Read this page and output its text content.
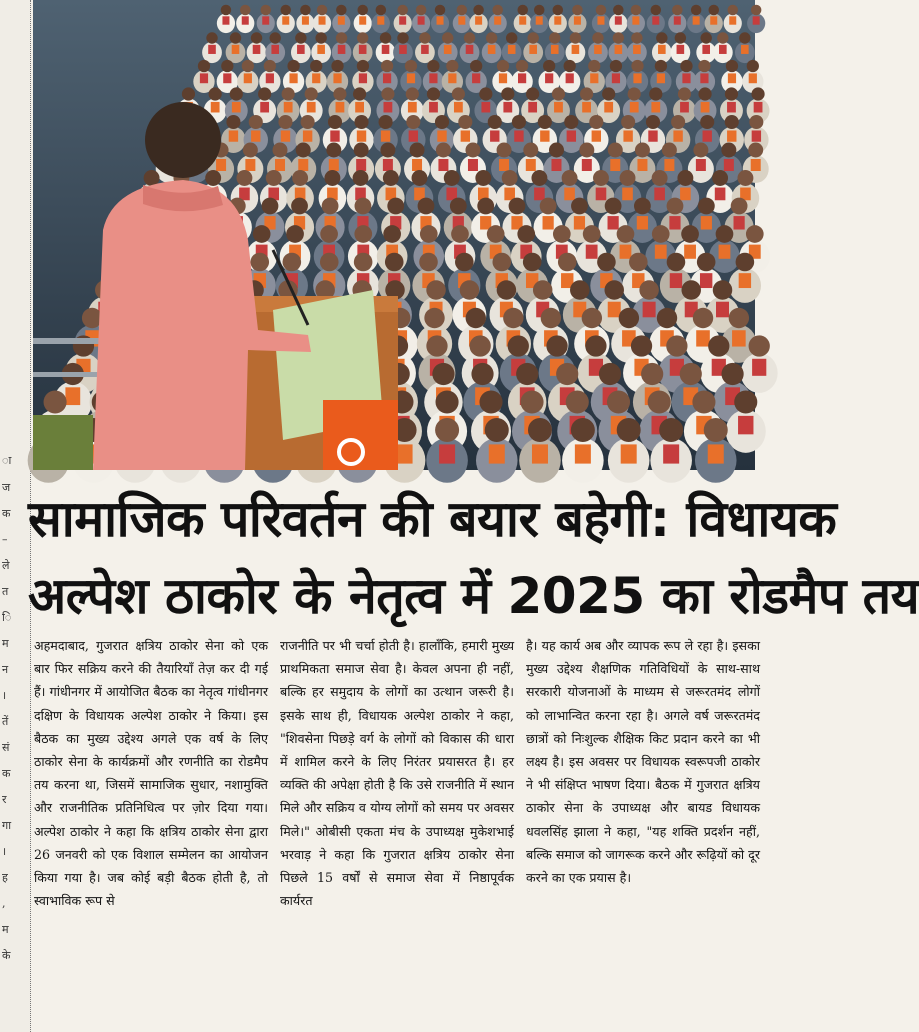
ा
ज
क
–
ले
त
ि
म
न
।
तें
सं
क
र
गा
।
ह
,
म
के
सामाजिक परिवर्तन की बयार बहेगी: विधायक
अल्पेश ठाकोर के नेतृत्व में 2025 का रोडमैप तय

अहमदाबाद, गुजरात क्षत्रिय ठाकोर सेना को एक बार फिर सक्रिय करने की तैयारियाँ तेज़ कर दी गई हैं। गांधीनगर में आयोजित बैठक का नेतृत्व गांधीनगर दक्षिण के विधायक अल्पेश ठाकोर ने किया। इस बैठक का मुख्य उद्देश्य अगले एक वर्ष के लिए ठाकोर सेना के कार्यक्रमों और रणनीति का रोडमैप तय करना था, जिसमें सामाजिक सुधार, नशामुक्ति और राजनीतिक प्रतिनिधित्व पर ज़ोर दिया गया। अल्पेश ठाकोर ने कहा कि क्षत्रिय ठाकोर सेना द्वारा 26 जनवरी को एक विशाल सम्मेलन का आयोजन किया गया है। जब कोई बड़ी बैठक होती है, तो स्वाभाविक रूप से

राजनीति पर भी चर्चा होती है। हालाँकि, हमारी मुख्य प्राथमिकता समाज सेवा है। केवल अपना ही नहीं, बल्कि हर समुदाय के लोगों का उत्थान जरूरी है। इसके साथ ही, विधायक अल्पेश ठाकोर ने कहा, "शिवसेना पिछड़े वर्ग के लोगों को विकास की धारा में शामिल करने के लिए निरंतर प्रयासरत है। हर व्यक्ति की अपेक्षा होती है कि उसे राजनीति में स्थान मिले और सक्रिय व योग्य लोगों को समय पर अवसर मिले।" ओबीसी एकता मंच के उपाध्यक्ष मुकेशभाई भरवाड़ ने कहा कि गुजरात क्षत्रिय ठाकोर सेना पिछले 15 वर्षों से समाज सेवा में निष्ठापूर्वक कार्यरत

है। यह कार्य अब और व्यापक रूप ले रहा है। इसका मुख्य उद्देश्य शैक्षणिक गतिविधियों के साथ-साथ सरकारी योजनाओं के माध्यम से जरूरतमंद लोगों को लाभान्वित करना रहा है। अगले वर्ष जरूरतमंद छात्रों को निःशुल्क शैक्षिक किट प्रदान करने का भी लक्ष्य है। इस अवसर पर विधायक स्वरूपजी ठाकोर ने भी संक्षिप्त भाषण दिया। बैठक में गुजरात क्षत्रिय ठाकोर सेना के उपाध्यक्ष और बायड विधायक धवलसिंह झाला ने कहा, "यह शक्ति प्रदर्शन नहीं, बल्कि समाज को जागरूक करने और रूढ़ियों को दूर करने का एक प्रयास है।
